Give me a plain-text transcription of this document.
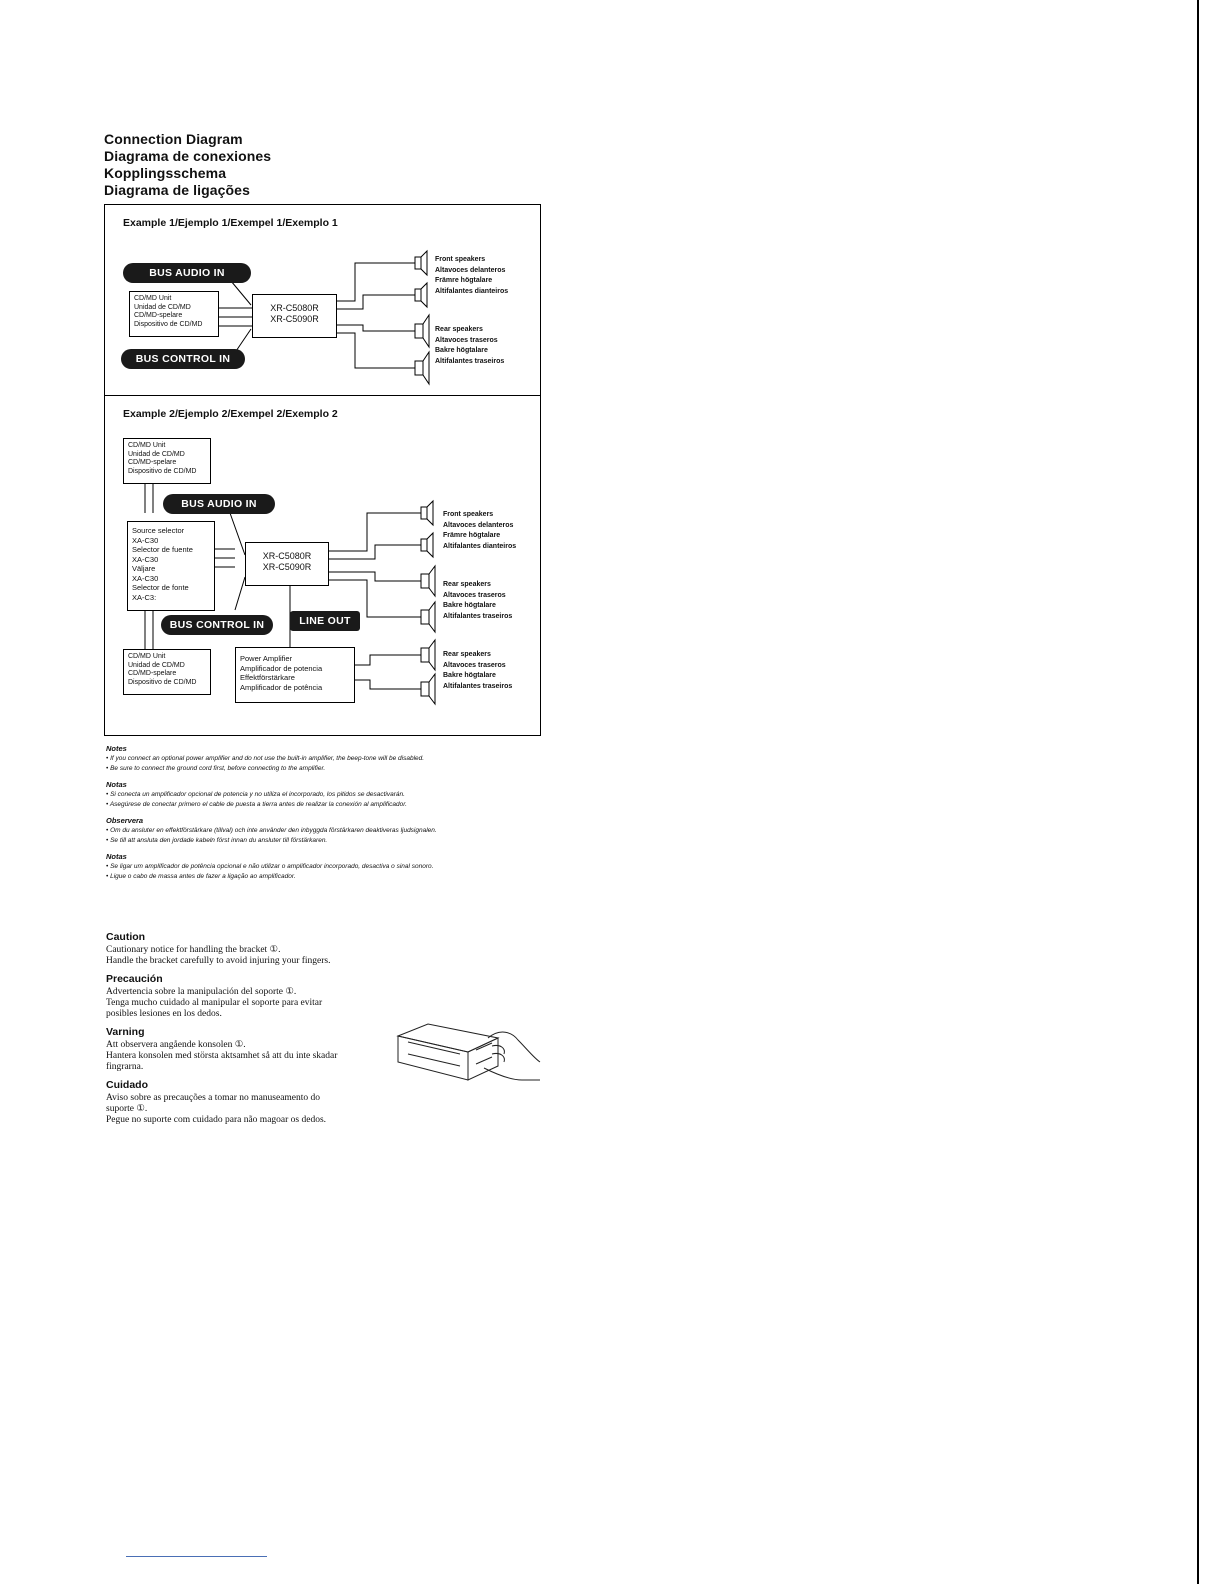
Connection Diagram
Diagrama de conexiones
Kopplingsschema
Diagrama de ligações
Example 1/Ejemplo 1/Exempel 1/Exemplo 1
BUS AUDIO IN
CD/MD Unit
Unidad de CD/MD
CD/MD-spelare
Dispositivo de CD/MD
XR-C5080R
XR-C5090R
BUS CONTROL IN
Front speakers
Altavoces delanteros
Främre högtalare
Altifalantes dianteiros
Rear speakers
Altavoces traseros
Bakre högtalare
Altifalantes traseiros
Example 2/Ejemplo 2/Exempel 2/Exemplo 2
CD/MD Unit
Unidad de CD/MD
CD/MD-spelare
Dispositivo de CD/MD
BUS AUDIO IN
Source selector
XA-C30
Selector de fuente
XA-C30
Väljare
XA-C30
Selector de fonte
XA-C3:
XR-C5080R
XR-C5090R
BUS CONTROL IN	LINE OUT
CD/MD Unit
Unidad de CD/MD
CD/MD-spelare
Dispositivo de CD/MD
Power Amplifier
Amplificador de potencia
Effektförstärkare
Amplificador de potência
Front speakers
Altavoces delanteros
Främre högtalare
Altifalantes dianteiros
Rear speakers
Altavoces traseros
Bakre högtalare
Altifalantes traseiros
Rear speakers
Altavoces traseros
Bakre högtalare
Altifalantes traseiros
Notes
• If you connect an optional power amplifier and do not use the built-in amplifier, the beep-tone will be disabled.
• Be sure to connect the ground cord first, before connecting to the amplifier.
Notas
• Si conecta un amplificador opcional de potencia y no utiliza el incorporado, los pitidos se desactivarán.
• Asegúrese de conectar primero el cable de puesta a tierra antes de realizar la conexión al amplificador.
Observera
• Om du ansluter en effektförstärkare (tillval) och inte använder den inbyggda förstärkaren deaktiveras ljudsignalen.
• Se till att ansluta den jordade kabeln först innan du ansluter till förstärkaren.
Notas
• Se ligar um amplificador de potência opcional e não utilizar o amplificador incorporado, desactiva o sinal sonoro.
• Ligue o cabo de massa antes de fazer a ligação ao amplificador.
Caution
Cautionary notice for handling the bracket ①.
Handle the bracket carefully to avoid injuring your fingers.
Precaución
Advertencia sobre la manipulación del soporte ①.
Tenga mucho cuidado al manipular el soporte para evitar
posibles lesiones en los dedos.
Varning
Att observera angående konsolen ①.
Hantera konsolen med största aktsamhet så att du inte skadar
fingrarna.
Cuidado
Aviso sobre as precauções a tomar no manuseamento do
suporte ①.
Pegue no suporte com cuidado para não magoar os dedos.
